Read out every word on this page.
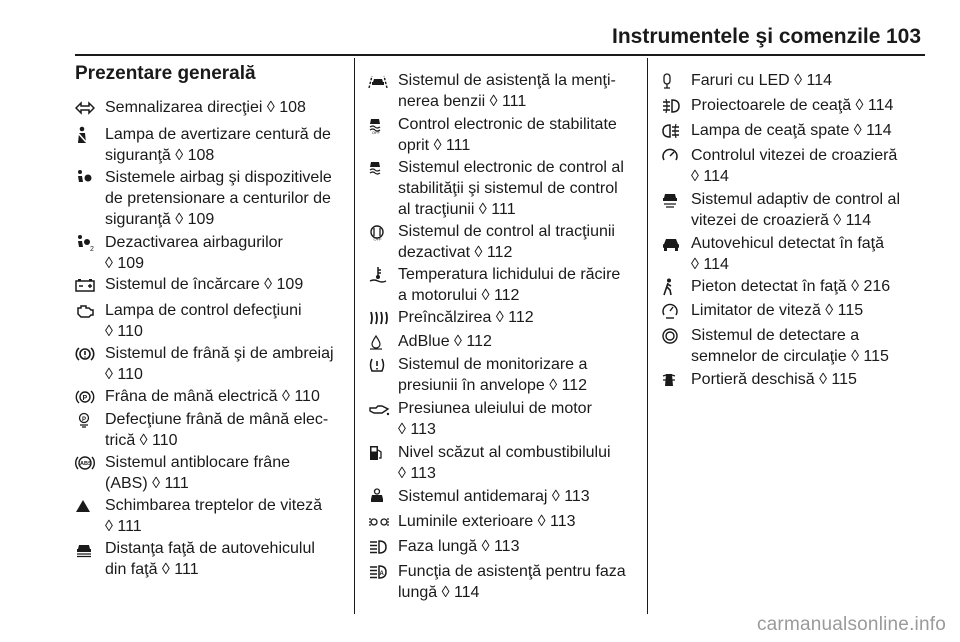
Instrumentele şi comenzile 103
Prezentare generală
carmanualsonline.info
Semnalizarea direcţiei ◊ 108
Lampa de avertizare centură de
siguranţă ◊ 108
Sistemele airbag şi dispozitivele
de pretensionare a centurilor de
siguranţă ◊ 109
2 Dezactivarea airbagurilor
◊ 109
Sistemul de încărcare ◊ 109
Lampa de control defecţiuni
◊ 110
Sistemul de frână şi de ambreiaj
◊ 110
P Frâna de mână electrică ◊ 110
P Defecţiune frână de mână elec-
trică ◊ 110
ABS Sistemul antiblocare frâne
(ABS) ◊ 111
Schimbarea treptelor de viteză
◊ 111
Distanţa faţă de autovehiculul
din faţă ◊ 111
Sistemul de asistenţă la menţi-
nerea benzii ◊ 111
OFF Control electronic de stabilitate
oprit ◊ 111
Sistemul electronic de control al
stabilităţii şi sistemul de control
al tracţiunii ◊ 111
OFF Sistemul de control al tracţiunii
dezactivat ◊ 112
Temperatura lichidului de răcire
a motorului ◊ 112
Preîncălzirea ◊ 112
AdBlue ◊ 112
Sistemul de monitorizare a
presiunii în anvelope ◊ 112
Presiunea uleiului de motor
◊ 113
Nivel scăzut al combustibilului
◊ 113
Sistemul antidemaraj ◊ 113
Luminile exterioare ◊ 113
Faza lungă ◊ 113
A Funcţia de asistenţă pentru faza
lungă ◊ 114
Faruri cu LED ◊ 114
Proiectoarele de ceaţă ◊ 114
Lampa de ceaţă spate ◊ 114
Controlul vitezei de croazieră
◊ 114
Sistemul adaptiv de control al
vitezei de croazieră ◊ 114
Autovehicul detectat în faţă
◊ 114
Pieton detectat în faţă ◊ 216
Limitator de viteză ◊ 115
Sistemul de detectare a
semnelor de circulaţie ◊ 115
Portieră deschisă ◊ 115
